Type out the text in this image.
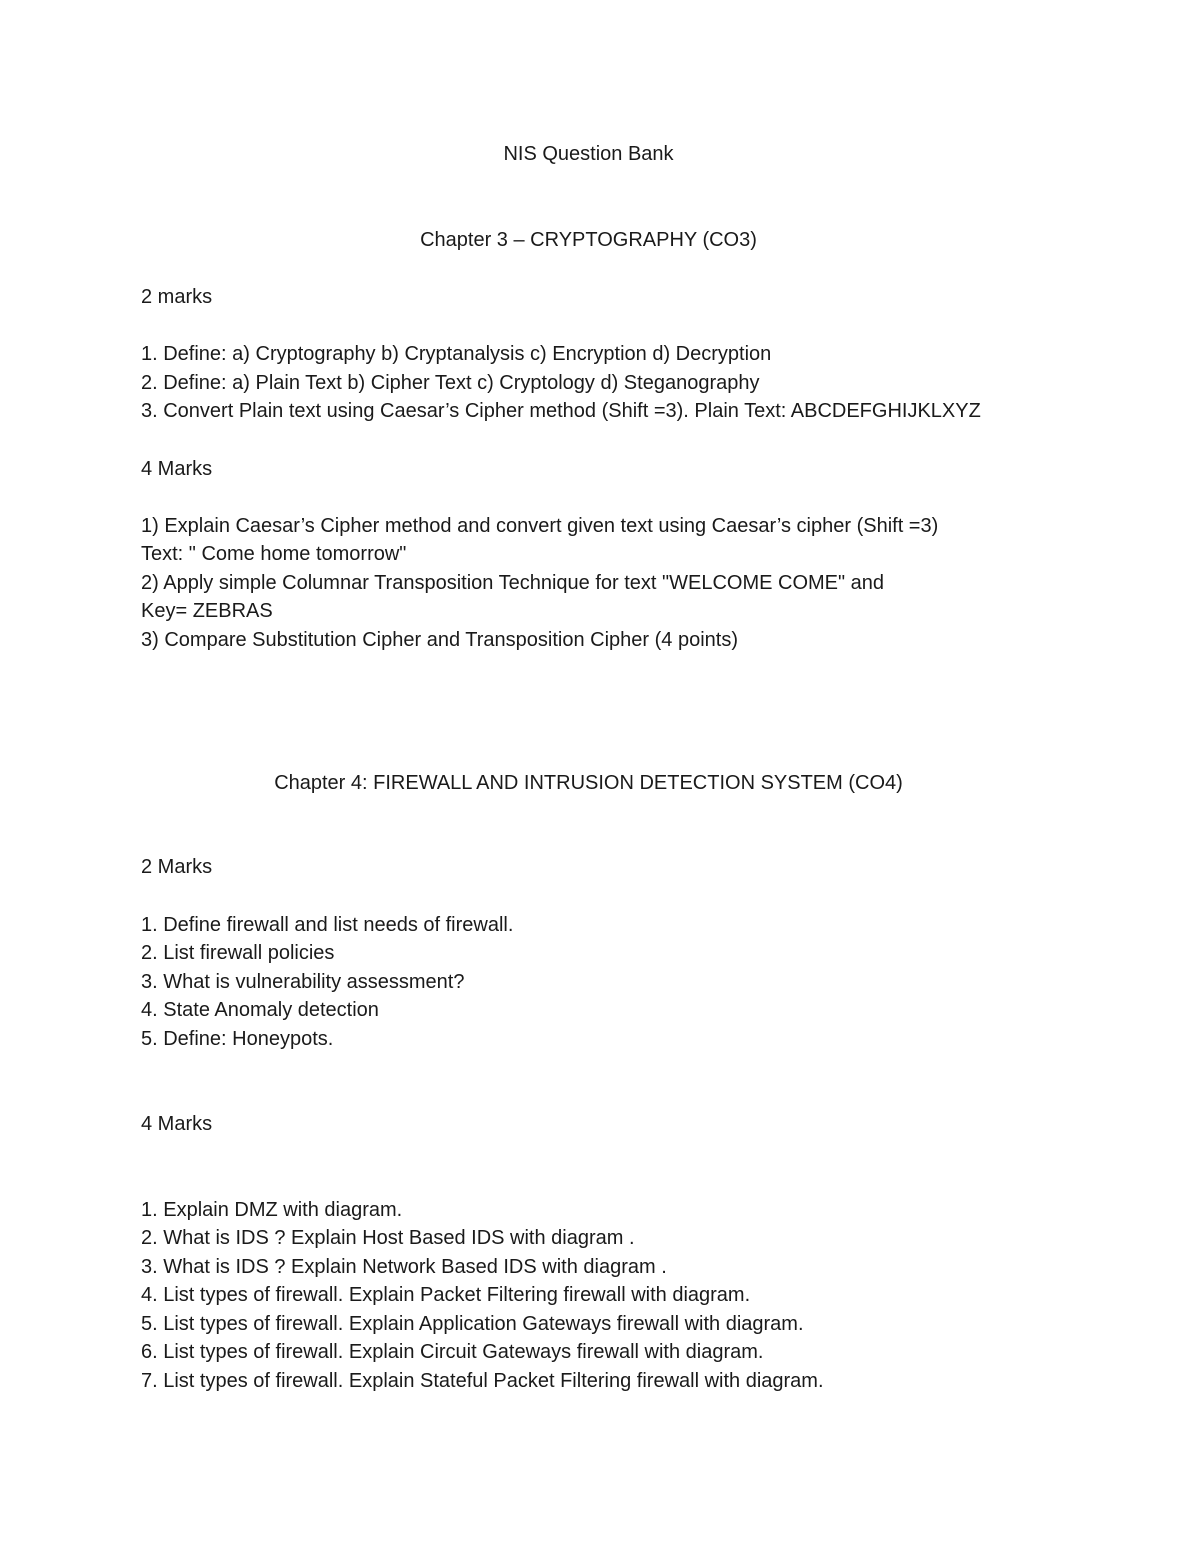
NIS Question Bank
Chapter 3 – CRYPTOGRAPHY (CO3)
2 marks
1. Define: a) Cryptography b) Cryptanalysis c) Encryption d) Decryption
2. Define: a) Plain Text b) Cipher Text c) Cryptology d) Steganography
3. Convert Plain text using Caesar’s Cipher method (Shift =3). Plain Text: ABCDEFGHIJKLXYZ
4 Marks
1) Explain Caesar’s Cipher method and convert given text using Caesar’s cipher (Shift =3)
Text: " Come home tomorrow"
2) Apply simple Columnar Transposition Technique for text "WELCOME COME" and
Key= ZEBRAS
3) Compare Substitution Cipher and Transposition Cipher (4 points)
Chapter 4: FIREWALL AND INTRUSION DETECTION SYSTEM (CO4)
2 Marks
1. Define firewall and list needs of firewall.
2. List firewall policies
3. What is vulnerability assessment?
4. State Anomaly detection
5. Define: Honeypots.
4 Marks
1. Explain DMZ with diagram.
2. What is IDS ? Explain Host Based IDS with diagram .
3. What is IDS ? Explain Network Based IDS with diagram .
4. List types of firewall. Explain Packet Filtering firewall with diagram.
5. List types of firewall. Explain Application Gateways firewall with diagram.
6. List types of firewall. Explain Circuit Gateways firewall with diagram.
7. List types of firewall. Explain Stateful Packet Filtering firewall with diagram.
